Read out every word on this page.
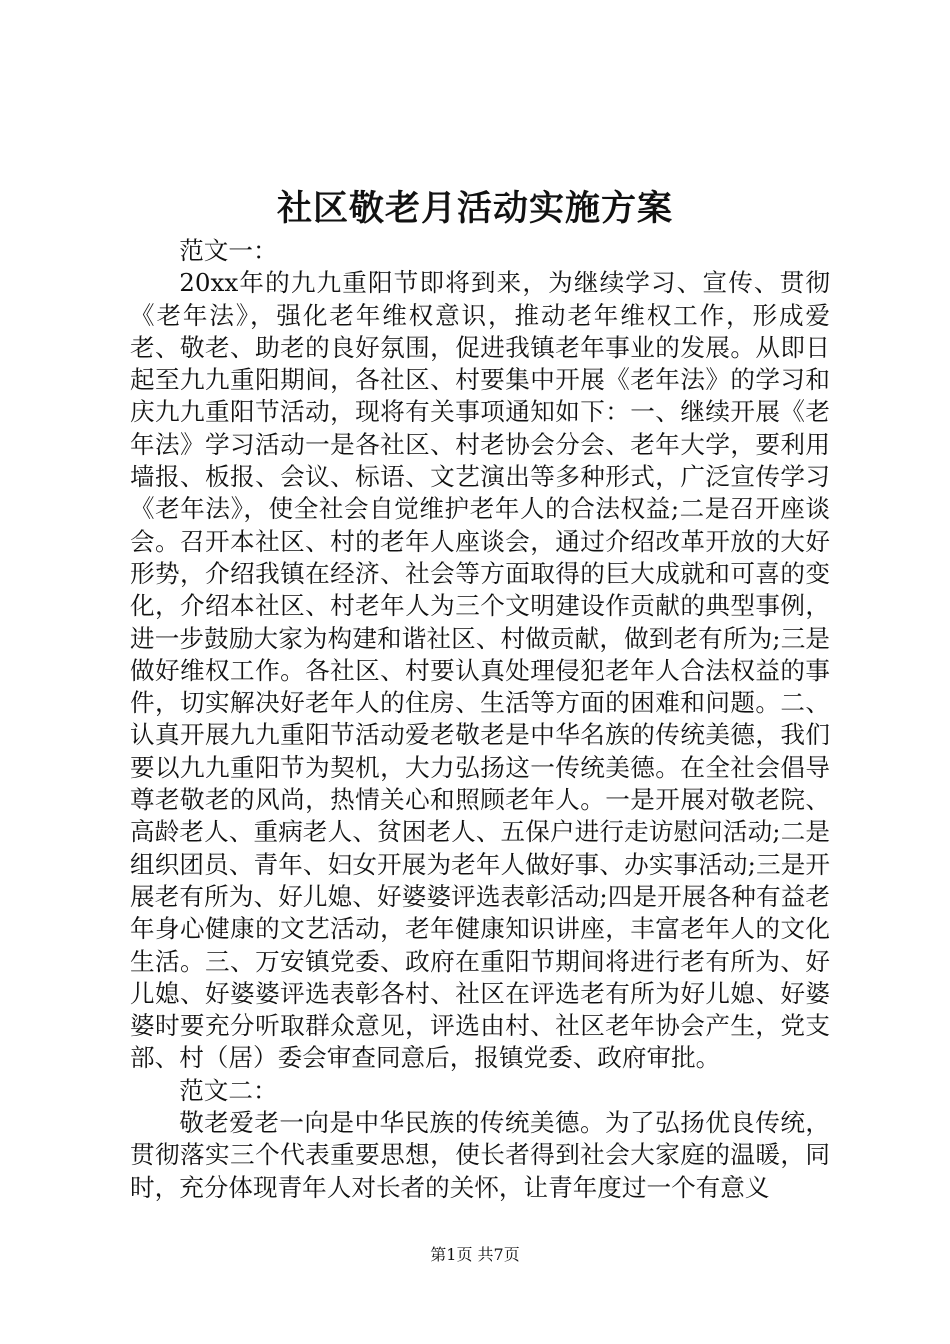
社区敬老月活动实施方案

范文一：

20xx年的九九重阳节即将到来，为继续学习、宣传、贯彻《老年法》，强化老年维权意识，推动老年维权工作，形成爱老、敬老、助老的良好氛围，促进我镇老年事业的发展。从即日起至九九重阳期间，各社区、村要集中开展《老年法》的学习和庆九九重阳节活动，现将有关事项通知如下：一、继续开展《老年法》学习活动一是各社区、村老协会分会、老年大学，要利用墙报、板报、会议、标语、文艺演出等多种形式，广泛宣传学习《老年法》，使全社会自觉维护老年人的合法权益;二是召开座谈会。召开本社区、村的老年人座谈会，通过介绍改革开放的大好形势，介绍我镇在经济、社会等方面取得的巨大成就和可喜的变化，介绍本社区、村老年人为三个文明建设作贡献的典型事例，进一步鼓励大家为构建和谐社区、村做贡献，做到老有所为;三是做好维权工作。各社区、村要认真处理侵犯老年人合法权益的事件，切实解决好老年人的住房、生活等方面的困难和问题。二、认真开展九九重阳节活动爱老敬老是中华名族的传统美德，我们要以九九重阳节为契机，大力弘扬这一传统美德。在全社会倡导尊老敬老的风尚，热情关心和照顾老年人。一是开展对敬老院、高龄老人、重病老人、贫困老人、五保户进行走访慰问活动;二是组织团员、青年、妇女开展为老年人做好事、办实事活动;三是开展老有所为、好儿媳、好婆婆评选表彰活动;四是开展各种有益老年身心健康的文艺活动，老年健康知识讲座，丰富老年人的文化生活。三、万安镇党委、政府在重阳节期间将进行老有所为、好儿媳、好婆婆评选表彰各村、社区在评选老有所为好儿媳、好婆婆时要充分听取群众意见，评选由村、社区老年协会产生，党支部、村（居）委会审查同意后，报镇党委、政府审批。

范文二：

敬老爱老一向是中华民族的传统美德。为了弘扬优良传统，贯彻落实三个代表重要思想，使长者得到社会大家庭的温暖，同时，充分体现青年人对长者的关怀，让青年度过一个有意义

第1页 共7页
